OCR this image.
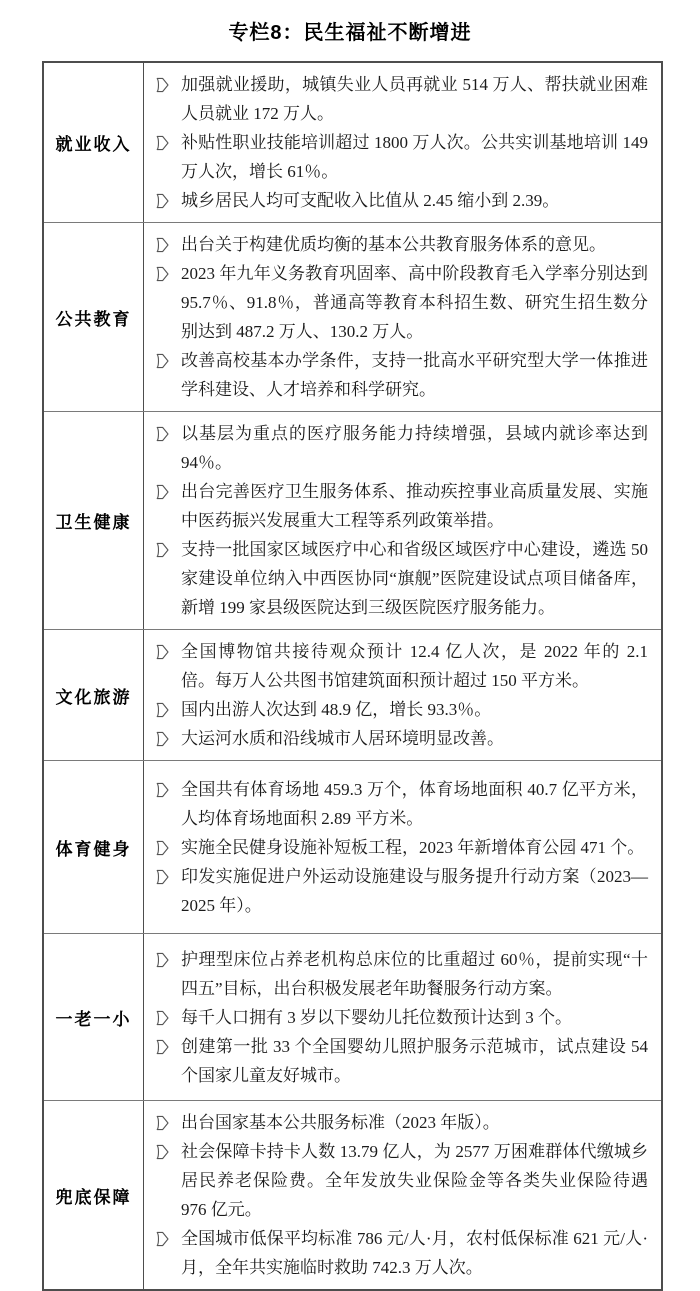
专栏8：民生福祉不断增进
就业收入
加强就业援助，城镇失业人员再就业 514 万人、帮扶就业困难人员就业 172 万人。
补贴性职业技能培训超过 1800 万人次。公共实训基地培训 149 万人次，增长 61％。
城乡居民人均可支配收入比值从 2.45 缩小到 2.39。
公共教育
出台关于构建优质均衡的基本公共教育服务体系的意见。
2023 年九年义务教育巩固率、高中阶段教育毛入学率分别达到 95.7％、91.8％，普通高等教育本科招生数、研究生招生数分别达到 487.2 万人、130.2 万人。
改善高校基本办学条件，支持一批高水平研究型大学一体推进学科建设、人才培养和科学研究。
卫生健康
以基层为重点的医疗服务能力持续增强，县域内就诊率达到 94％。
出台完善医疗卫生服务体系、推动疾控事业高质量发展、实施中医药振兴发展重大工程等系列政策举措。
支持一批国家区域医疗中心和省级区域医疗中心建设，遴选 50 家建设单位纳入中西医协同“旗舰”医院建设试点项目储备库，新增 199 家县级医院达到三级医院医疗服务能力。
文化旅游
全国博物馆共接待观众预计 12.4 亿人次，是 2022 年的 2.1 倍。每万人公共图书馆建筑面积预计超过 150 平方米。
国内出游人次达到 48.9 亿，增长 93.3％。
大运河水质和沿线城市人居环境明显改善。
体育健身
全国共有体育场地 459.3 万个，体育场地面积 40.7 亿平方米，人均体育场地面积 2.89 平方米。
实施全民健身设施补短板工程，2023 年新增体育公园 471 个。
印发实施促进户外运动设施建设与服务提升行动方案（2023—2025 年）。
一老一小
护理型床位占养老机构总床位的比重超过 60％，提前实现“十四五”目标，出台积极发展老年助餐服务行动方案。
每千人口拥有 3 岁以下婴幼儿托位数预计达到 3 个。
创建第一批 33 个全国婴幼儿照护服务示范城市，试点建设 54 个国家儿童友好城市。
兜底保障
出台国家基本公共服务标准（2023 年版）。
社会保障卡持卡人数 13.79 亿人，为 2577 万困难群体代缴城乡居民养老保险费。全年发放失业保险金等各类失业保险待遇 976 亿元。
全国城市低保平均标准 786 元/人·月，农村低保标准 621 元/人·月，全年共实施临时救助 742.3 万人次。
